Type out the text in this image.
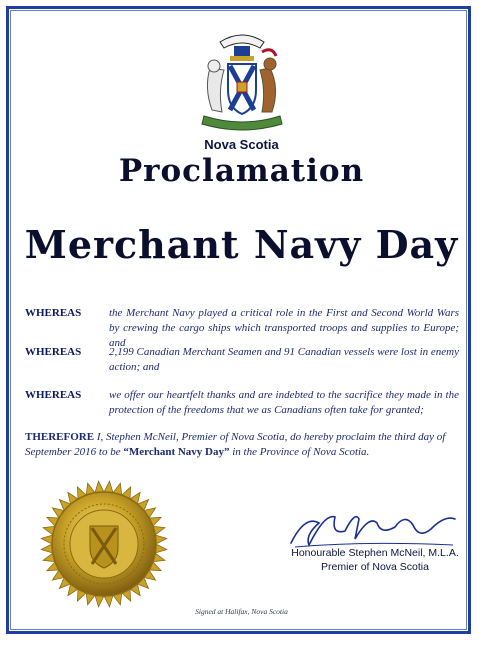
Nova Scotia
Proclamation
Merchant Navy Day
WHEREAS	the Merchant Navy played a critical role in the First and Second World Wars by crewing the cargo ships which transported troops and supplies to Europe; and
WHEREAS	2,199 Canadian Merchant Seamen and 91 Canadian vessels were lost in enemy action; and
WHEREAS	we offer our heartfelt thanks and are indebted to the sacrifice they made in the protection of the freedoms that we as Canadians often take for granted;
THEREFORE I, Stephen McNeil, Premier of Nova Scotia, do hereby proclaim the third day of September 2016 to be “Merchant Navy Day” in the Province of Nova Scotia.
Honourable Stephen McNeil, M.L.A.
Premier of Nova Scotia
Signed at Halifax, Nova Scotia
